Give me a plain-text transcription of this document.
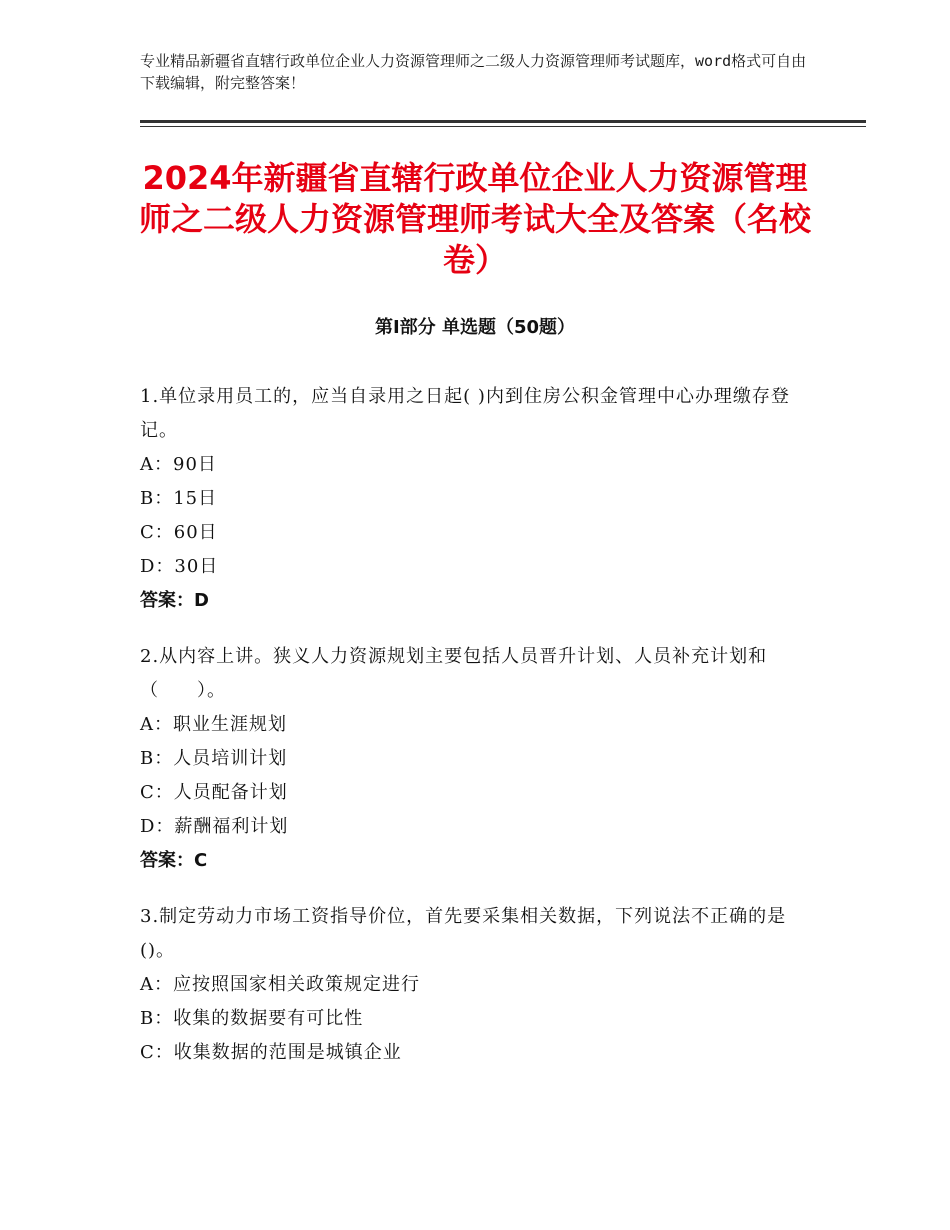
专业精品新疆省直辖行政单位企业人力资源管理师之二级人力资源管理师考试题库，word格式可自由下载编辑，附完整答案！
2024年新疆省直辖行政单位企业人力资源管理师之二级人力资源管理师考试大全及答案（名校卷）
第Ⅰ部分 单选题（50题）

1.单位录用员工的，应当自录用之日起( )内到住房公积金管理中心办理缴存登记。

A：90日

B：15日

C：60日

D：30日

答案：D

2.从内容上讲。狭义人力资源规划主要包括人员晋升计划、人员补充计划和（　　）。

A：职业生涯规划

B：人员培训计划

C：人员配备计划

D：薪酬福利计划

答案：C

3.制定劳动力市场工资指导价位，首先要采集相关数据，下列说法不正确的是()。

A：应按照国家相关政策规定进行

B：收集的数据要有可比性

C：收集数据的范围是城镇企业
